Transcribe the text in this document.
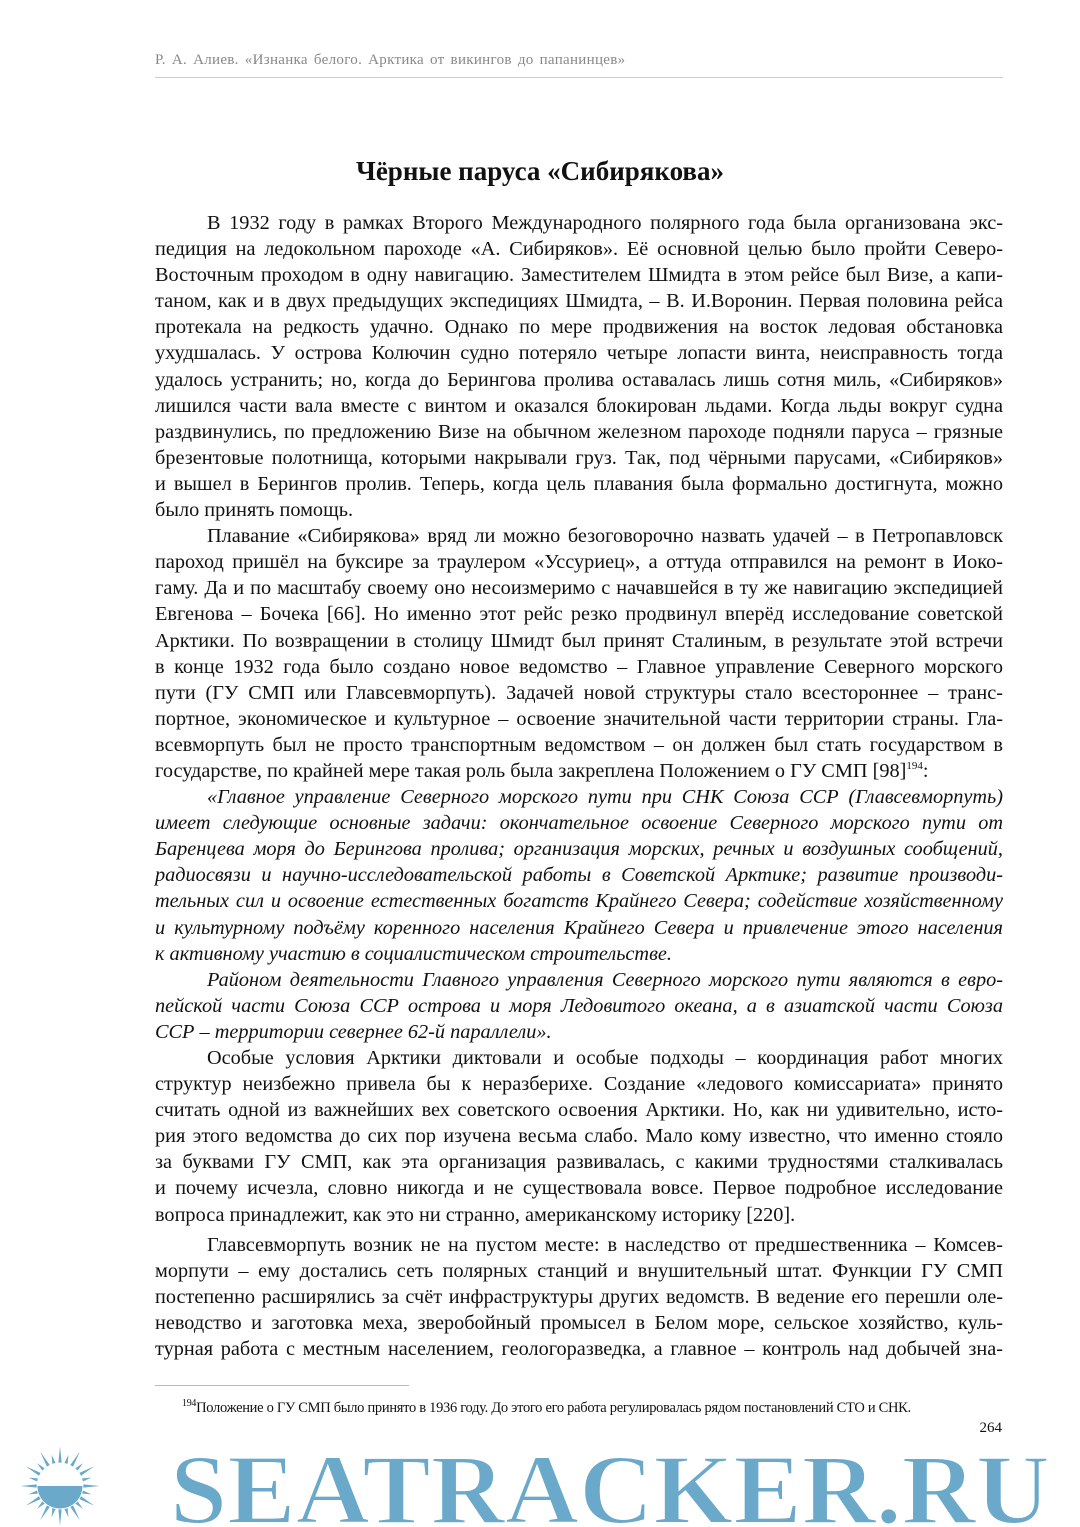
Р. А. Алиев. «Изнанка белого. Арктика от викингов до папанинцев»
Чёрные паруса «Сибирякова»
В 1932 году в рамках Второго Международного полярного года была организована экс-
педиция на ледокольном пароходе «А. Сибиряков». Её основной целью было пройти Северо-
Восточным проходом в одну навигацию. Заместителем Шмидта в этом рейсе был Визе, а капи-
таном, как и в двух предыдущих экспедициях Шмидта, – В. И.Воронин. Первая половина рейса
протекала на редкость удачно. Однако по мере продвижения на восток ледовая обстановка
ухудшалась. У острова Колючин судно потеряло четыре лопасти винта, неисправность тогда
удалось устранить; но, когда до Берингова пролива оставалась лишь сотня миль, «Сибиряков»
лишился части вала вместе с винтом и оказался блокирован льдами. Когда льды вокруг судна
раздвинулись, по предложению Визе на обычном железном пароходе подняли паруса – грязные
брезентовые полотнища, которыми накрывали груз. Так, под чёрными парусами, «Сибиряков»
и вышел в Берингов пролив. Теперь, когда цель плавания была формально достигнута, можно
было принять помощь.
Плавание «Сибирякова» вряд ли можно безоговорочно назвать удачей – в Петропавловск
пароход пришёл на буксире за траулером «Уссуриец», а оттуда отправился на ремонт в Иоко-
гаму. Да и по масштабу своему оно несоизмеримо с начавшейся в ту же навигацию экспедицией
Евгенова – Бочека [66]. Но именно этот рейс резко продвинул вперёд исследование советской
Арктики. По возвращении в столицу Шмидт был принят Сталиным, в результате этой встречи
в конце 1932 года было создано новое ведомство – Главное управление Северного морского
пути (ГУ СМП или Главсевморпуть). Задачей новой структуры стало всестороннее – транс-
портное, экономическое и культурное – освоение значительной части территории страны. Гла-
всевморпуть был не просто транспортным ведомством – он должен был стать государством в
государстве, по крайней мере такая роль была закреплена Положением о ГУ СМП $[98]^{194}$:
«Главное управление Северного морского пути при СНК Союза ССР (Главсевморпуть)
имеет следующие основные задачи: окончательное освоение Северного морского пути от
Баренцева моря до Берингова пролива; организация морских, речных и воздушных сообщений,
радиосвязи и научно-исследовательской работы в Советской Арктике; развитие производи-
тельных сил и освоение естественных богатств Крайнего Севера; содействие хозяйственному
и культурному подъёму коренного населения Крайнего Севера и привлечение этого населения
к активному участию в социалистическом строительстве.
Районом деятельности Главного управления Северного морского пути являются в евро-
пейской части Союза ССР острова и моря Ледовитого океана, а в азиатской части Союза
ССР – территории севернее 62-й параллели».
Особые условия Арктики диктовали и особые подходы – координация работ многих
структур неизбежно привела бы к неразберихе. Создание «ледового комиссариата» принято
считать одной из важнейших вех советского освоения Арктики. Но, как ни удивительно, исто-
рия этого ведомства до сих пор изучена весьма слабо. Мало кому известно, что именно стояло
за буквами ГУ СМП, как эта организация развивалась, с какими трудностями сталкивалась
и почему исчезла, словно никогда и не существовала вовсе. Первое подробное исследование
вопроса принадлежит, как это ни странно, американскому историку [220].
Главсевморпуть возник не на пустом месте: в наследство от предшественника – Комсев-
морпути – ему достались сеть полярных станций и внушительный штат. Функции ГУ СМП
постепенно расширялись за счёт инфраструктуры других ведомств. В ведение его перешли оле-
неводство и заготовка меха, зверобойный промысел в Белом море, сельское хозяйство, куль-
турная работа с местным населением, геологоразведка, а главное – контроль над добычей зна-
$^{194}$Положение о ГУ СМП было принято в 1936 году. До этого его работа регулировалась рядом постановлений СТО и СНК.
264
SEATRACKER.RU
